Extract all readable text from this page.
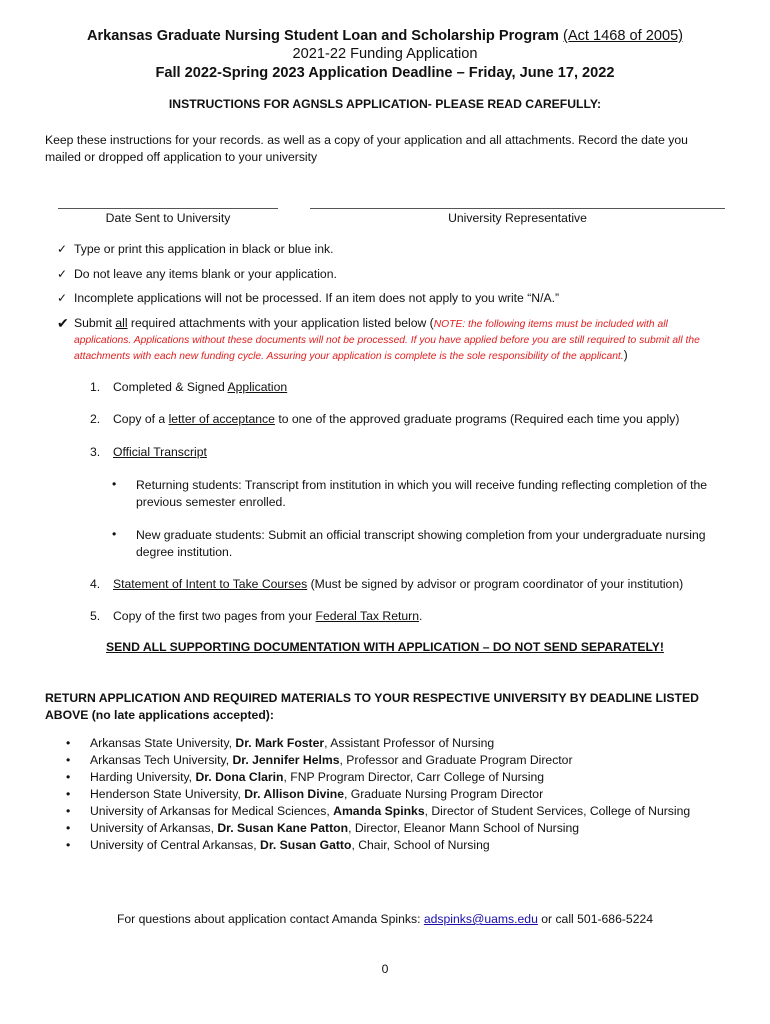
Arkansas Graduate Nursing Student Loan and Scholarship Program (Act 1468 of 2005)
2021-22 Funding Application
Fall 2022-Spring 2023 Application Deadline – Friday, June 17, 2022
INSTRUCTIONS FOR AGNSLS APPLICATION- PLEASE READ CAREFULLY:
Keep these instructions for your records. as well as a copy of your application and all attachments. Record the date you mailed or dropped off application to your university
Date Sent to University	University Representative
✓ Type or print this application in black or blue ink.
✓ Do not leave any items blank or your application.
✓ Incomplete applications will not be processed. If an item does not apply to you write “N/A.”
✔ Submit all required attachments with your application listed below (NOTE: the following items must be included with all applications. Applications without these documents will not be processed. If you have applied before you are still required to submit all the attachments with each new funding cycle. Assuring your application is complete is the sole responsibility of the applicant.)
1. Completed & Signed Application
2. Copy of a letter of acceptance to one of the approved graduate programs (Required each time you apply)
3. Official Transcript
• Returning students: Transcript from institution in which you will receive funding reflecting completion of the previous semester enrolled.
• New graduate students: Submit an official transcript showing completion from your undergraduate nursing degree institution.
4. Statement of Intent to Take Courses (Must be signed by advisor or program coordinator of your institution)
5. Copy of the first two pages from your Federal Tax Return.
SEND ALL SUPPORTING DOCUMENTATION WITH APPLICATION – DO NOT SEND SEPARATELY!
RETURN APPLICATION AND REQUIRED MATERIALS TO YOUR RESPECTIVE UNIVERSITY BY DEADLINE LISTED ABOVE (no late applications accepted):
• Arkansas State University, Dr. Mark Foster, Assistant Professor of Nursing
• Arkansas Tech University, Dr. Jennifer Helms, Professor and Graduate Program Director
• Harding University, Dr. Dona Clarin, FNP Program Director, Carr College of Nursing
• Henderson State University, Dr. Allison Divine, Graduate Nursing Program Director
• University of Arkansas for Medical Sciences, Amanda Spinks, Director of Student Services, College of Nursing
• University of Arkansas, Dr. Susan Kane Patton, Director, Eleanor Mann School of Nursing
• University of Central Arkansas, Dr. Susan Gatto, Chair, School of Nursing
For questions about application contact Amanda Spinks: adspinks@uams.edu or call 501-686-5224
0
